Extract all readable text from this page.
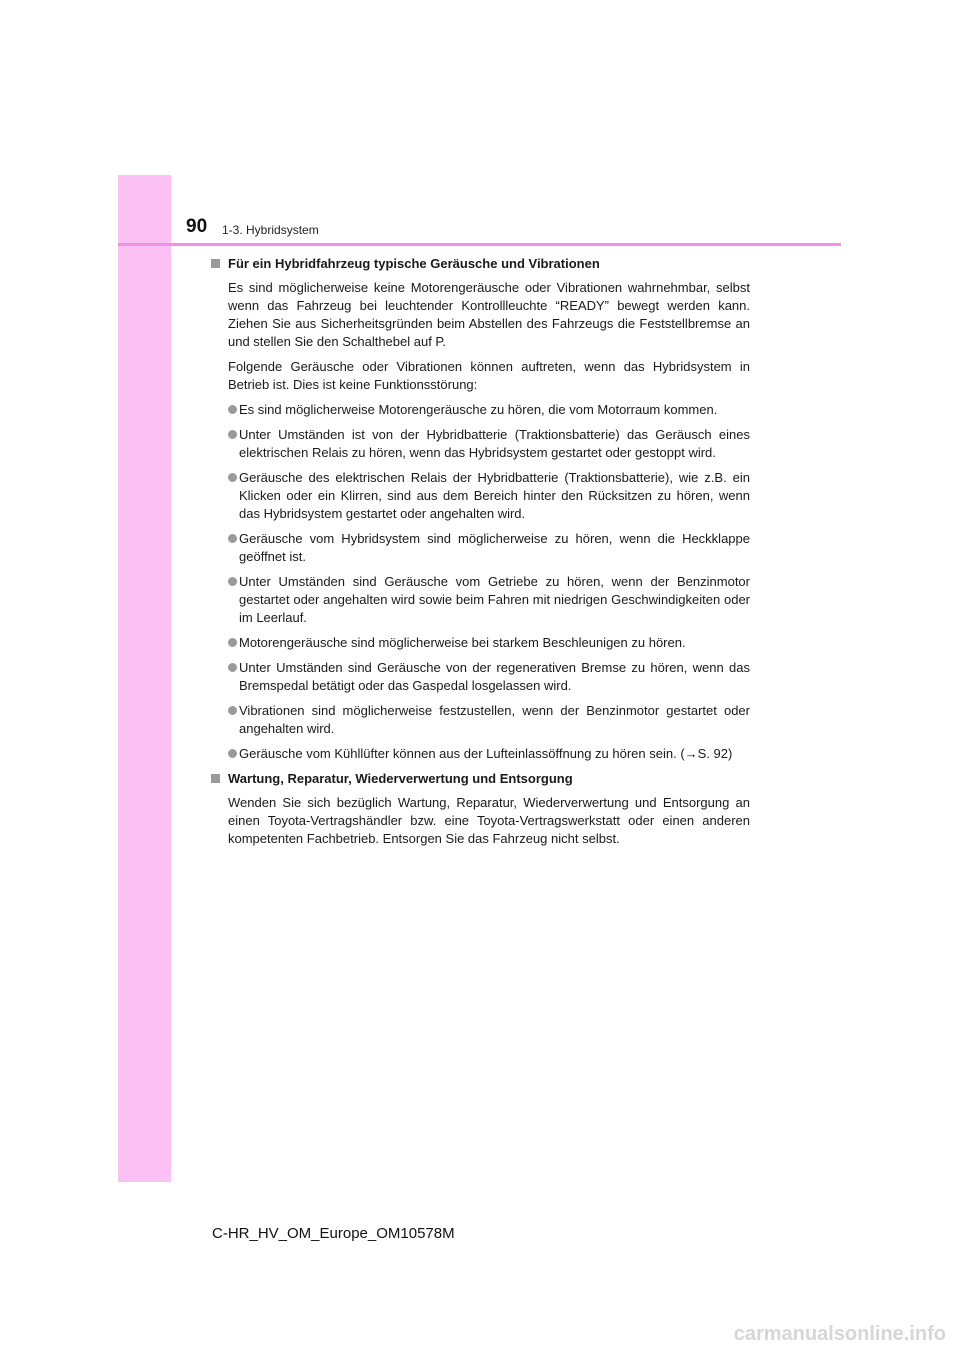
90 1-3. Hybridsystem
Für ein Hybridfahrzeug typische Geräusche und Vibrationen

Es sind möglicherweise keine Motorengeräusche oder Vibrationen wahrnehmbar, selbst wenn das Fahrzeug bei leuchtender Kontrollleuchte “READY” bewegt werden kann. Ziehen Sie aus Sicherheitsgründen beim Abstellen des Fahrzeugs die Feststellbremse an und stellen Sie den Schalthebel auf P.

Folgende Geräusche oder Vibrationen können auftreten, wenn das Hybridsystem in Betrieb ist. Dies ist keine Funktionsstörung:

Es sind möglicherweise Motorengeräusche zu hören, die vom Motorraum kommen.
Unter Umständen ist von der Hybridbatterie (Traktionsbatterie) das Geräusch eines elektrischen Relais zu hören, wenn das Hybridsystem gestartet oder gestoppt wird.
Geräusche des elektrischen Relais der Hybridbatterie (Traktionsbatterie), wie z.B. ein Klicken oder ein Klirren, sind aus dem Bereich hinter den Rücksitzen zu hören, wenn das Hybridsystem gestartet oder angehalten wird.
Geräusche vom Hybridsystem sind möglicherweise zu hören, wenn die Heckklappe geöffnet ist.
Unter Umständen sind Geräusche vom Getriebe zu hören, wenn der Benzinmotor gestartet oder angehalten wird sowie beim Fahren mit niedrigen Geschwindigkeiten oder im Leerlauf.
Motorengeräusche sind möglicherweise bei starkem Beschleunigen zu hören.
Unter Umständen sind Geräusche von der regenerativen Bremse zu hören, wenn das Bremspedal betätigt oder das Gaspedal losgelassen wird.
Vibrationen sind möglicherweise festzustellen, wenn der Benzinmotor gestartet oder angehalten wird.
Geräusche vom Kühllüfter können aus der Lufteinlassöffnung zu hören sein. (→S. 92)
Wartung, Reparatur, Wiederverwertung und Entsorgung

Wenden Sie sich bezüglich Wartung, Reparatur, Wiederverwertung und Entsorgung an einen Toyota-Vertragshändler bzw. eine Toyota-Vertragswerkstatt oder einen anderen kompetenten Fachbetrieb. Entsorgen Sie das Fahrzeug nicht selbst.

C-HR_HV_OM_Europe_OM10578M
carmanualsonline.info
